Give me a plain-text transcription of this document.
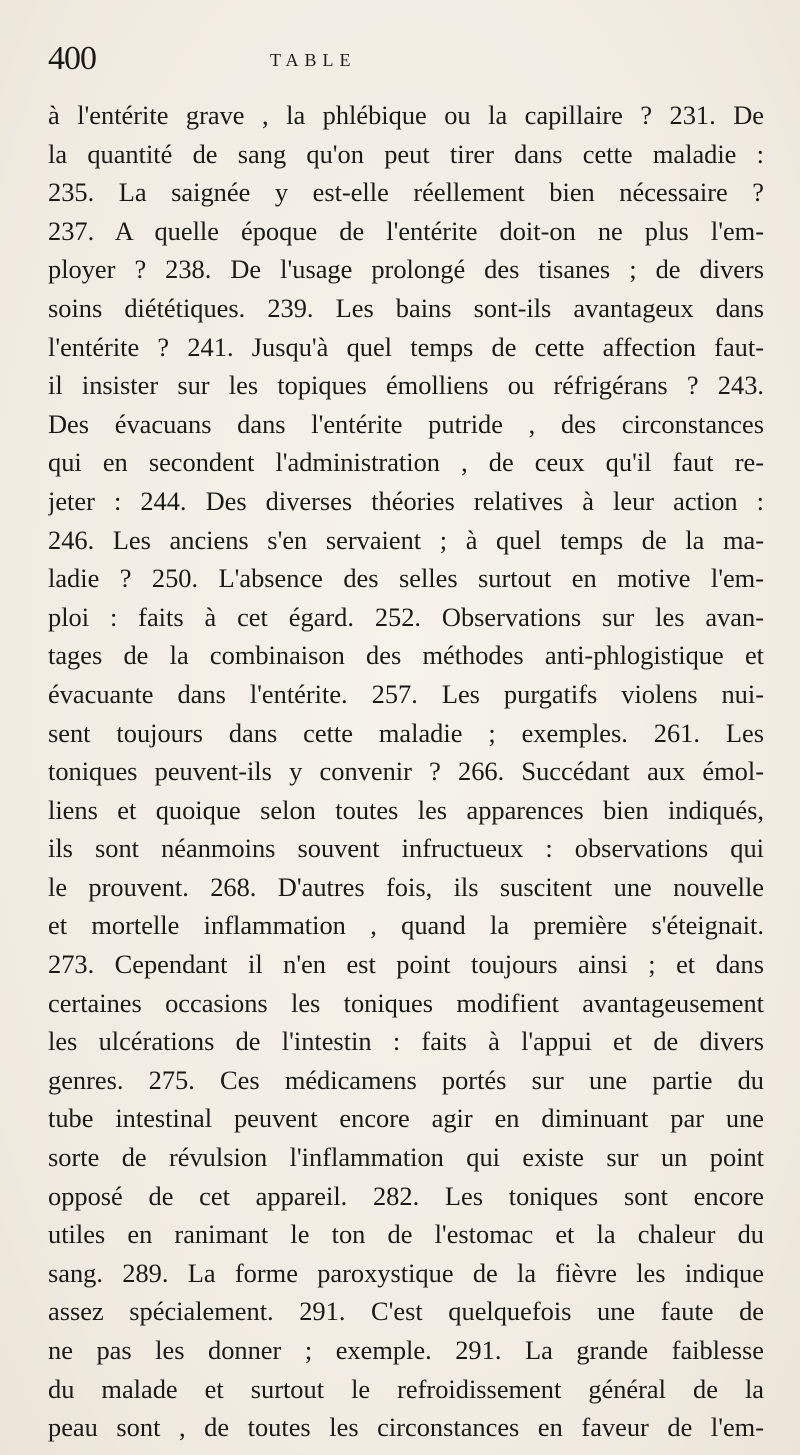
400	TABLE
à l'entérite grave , la phlébique ou la capillaire ? 231. De
la quantité de sang qu'on peut tirer dans cette maladie :
235. La saignée y est-elle réellement bien nécessaire ?
237. A quelle époque de l'entérite doit-on ne plus l'em-
ployer ? 238. De l'usage prolongé des tisanes ; de divers
soins diététiques. 239. Les bains sont-ils avantageux dans
l'entérite ? 241. Jusqu'à quel temps de cette affection faut-
il insister sur les topiques émolliens ou réfrigérans ? 243.
Des évacuans dans l'entérite putride , des circonstances
qui en secondent l'administration , de ceux qu'il faut re-
jeter : 244. Des diverses théories relatives à leur action :
246. Les anciens s'en servaient ; à quel temps de la ma-
ladie ? 250. L'absence des selles surtout en motive l'em-
ploi : faits à cet égard. 252. Observations sur les avan-
tages de la combinaison des méthodes anti-phlogistique et
évacuante dans l'entérite. 257. Les purgatifs violens nui-
sent toujours dans cette maladie ; exemples. 261. Les
toniques peuvent-ils y convenir ? 266. Succédant aux émol-
liens et quoique selon toutes les apparences bien indiqués,
ils sont néanmoins souvent infructueux : observations qui
le prouvent. 268. D'autres fois, ils suscitent une nouvelle
et mortelle inflammation , quand la première s'éteignait.
273. Cependant il n'en est point toujours ainsi ; et dans
certaines occasions les toniques modifient avantageusement
les ulcérations de l'intestin : faits à l'appui et de divers
genres. 275. Ces médicamens portés sur une partie du
tube intestinal peuvent encore agir en diminuant par une
sorte de révulsion l'inflammation qui existe sur un point
opposé de cet appareil. 282. Les toniques sont encore
utiles en ranimant le ton de l'estomac et la chaleur du
sang. 289. La forme paroxystique de la fièvre les indique
assez spécialement. 291. C'est quelquefois une faute de
ne pas les donner ; exemple. 291. La grande faiblesse
du malade et surtout le refroidissement général de la
peau sont , de toutes les circonstances en faveur de l'em-
